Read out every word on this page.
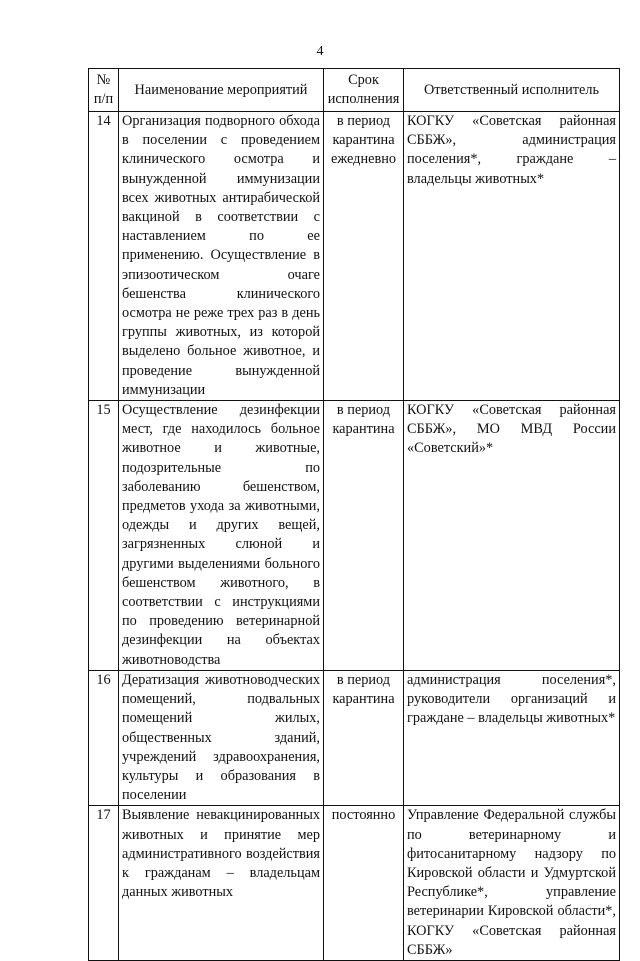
4
№ п/п	Наименование мероприятий	Срок исполнения	Ответственный исполнитель
14	Организация подворного обхода в поселении с проведением клинического осмотра и вынужденной иммунизации всех животных антирабической вакциной в соответствии с наставлением по ее применению. Осуществление в эпизоотическом очаге бешенства клинического осмотра не реже трех раз в день группы животных, из которой выделено больное животное, и проведение вынужденной иммунизации	в период карантина ежедневно	КОГКУ «Советская районная СББЖ», администрация поселения*, граждане – владельцы животных*
15	Осуществление дезинфекции мест, где находилось больное животное и животные, подозрительные по заболеванию бешенством, предметов ухода за животными, одежды и других вещей, загрязненных слюной и другими выделениями больного бешенством животного, в соответствии с инструкциями по проведению ветеринарной дезинфекции на объектах животноводства	в период карантина	КОГКУ «Советская районная СББЖ», МО МВД России «Советский»*
16	Дератизация животноводческих помещений, подвальных помещений жилых, общественных зданий, учреждений здравоохранения, культуры и образования в поселении	в период карантина	администрация поселения*, руководители организаций и граждане – владельцы животных*
17	Выявление невакцинированных животных и принятие мер административного воздействия к гражданам – владельцам данных животных	постоянно	Управление Федеральной службы по ветеринарному и фитосанитарному надзору по Кировской области и Удмуртской Республике*, управление ветеринарии Кировской области*, КОГКУ «Советская районная СББЖ»
